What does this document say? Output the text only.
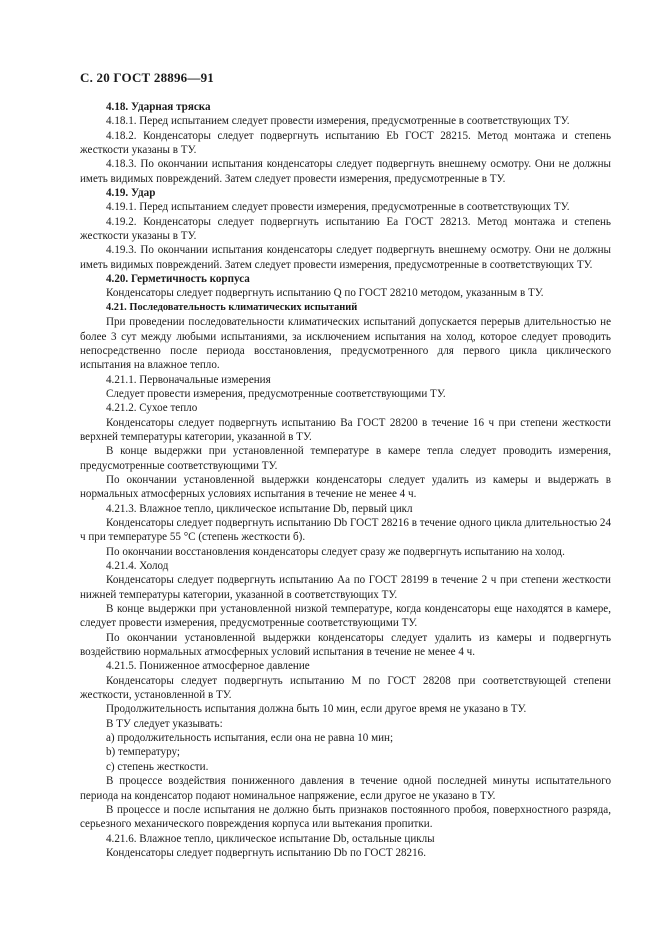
С. 20 ГОСТ 28896—91

4.18. Ударная тряска

4.18.1. Перед испытанием следует провести измерения, предусмотренные в соответствующих ТУ.

4.18.2. Конденсаторы следует подвергнуть испытанию Eb ГОСТ 28215. Метод монтажа и степень жесткости указаны в ТУ.

4.18.3. По окончании испытания конденсаторы следует подвергнуть внешнему осмотру. Они не должны иметь видимых повреждений. Затем следует провести измерения, предусмотренные в ТУ.

4.19. Удар

4.19.1. Перед испытанием следует провести измерения, предусмотренные в соответствующих ТУ.

4.19.2. Конденсаторы следует подвергнуть испытанию Ea ГОСТ 28213. Метод монтажа и степень жесткости указаны в ТУ.

4.19.3. По окончании испытания конденсаторы следует подвергнуть внешнему осмотру. Они не должны иметь видимых повреждений. Затем следует провести измерения, предусмотренные в соответствующих ТУ.

4.20. Герметичность корпуса

Конденсаторы следует подвергнуть испытанию Q по ГОСТ 28210 методом, указанным в ТУ.

4.21. Последовательность климатических испытаний

При проведении последовательности климатических испытаний допускается перерыв длительностью не более 3 сут между любыми испытаниями, за исключением испытания на холод, которое следует проводить непосредственно после периода восстановления, предусмотренного для первого цикла циклического испытания на влажное тепло.

4.21.1. Первоначальные измерения

Следует провести измерения, предусмотренные соответствующими ТУ.

4.21.2. Сухое тепло

Конденсаторы следует подвергнуть испытанию Ba ГОСТ 28200 в течение 16 ч при степени жесткости верхней температуры категории, указанной в ТУ.

В конце выдержки при установленной температуре в камере тепла следует проводить измерения, предусмотренные соответствующими ТУ.

По окончании установленной выдержки конденсаторы следует удалить из камеры и выдержать в нормальных атмосферных условиях испытания в течение не менее 4 ч.

4.21.3. Влажное тепло, циклическое испытание Db, первый цикл

Конденсаторы следует подвергнуть испытанию Db ГОСТ 28216 в течение одного цикла длительностью 24 ч при температуре 55 °С (степень жесткости б).

По окончании восстановления конденсаторы следует сразу же подвергнуть испытанию на холод.

4.21.4. Холод

Конденсаторы следует подвергнуть испытанию Aa по ГОСТ 28199 в течение 2 ч при степени жесткости нижней температуры категории, указанной в соответствующих ТУ.

В конце выдержки при установленной низкой температуре, когда конденсаторы еще находятся в камере, следует провести измерения, предусмотренные соответствующими ТУ.

По окончании установленной выдержки конденсаторы следует удалить из камеры и подвергнуть воздействию нормальных атмосферных условий испытания в течение не менее 4 ч.

4.21.5. Пониженное атмосферное давление

Конденсаторы следует подвергнуть испытанию M по ГОСТ 28208 при соответствующей степени жесткости, установленной в ТУ.

Продолжительность испытания должна быть 10 мин, если другое время не указано в ТУ.

В ТУ следует указывать:

a) продолжительность испытания, если она не равна 10 мин;

b) температуру;

c) степень жесткости.

В процессе воздействия пониженного давления в течение одной последней минуты испытательного периода на конденсатор подают номинальное напряжение, если другое не указано в ТУ.

В процессе и после испытания не должно быть признаков постоянного пробоя, поверхностного разряда, серьезного механического повреждения корпуса или вытекания пропитки.

4.21.6. Влажное тепло, циклическое испытание Db, остальные циклы

Конденсаторы следует подвергнуть испытанию Db по ГОСТ 28216.
